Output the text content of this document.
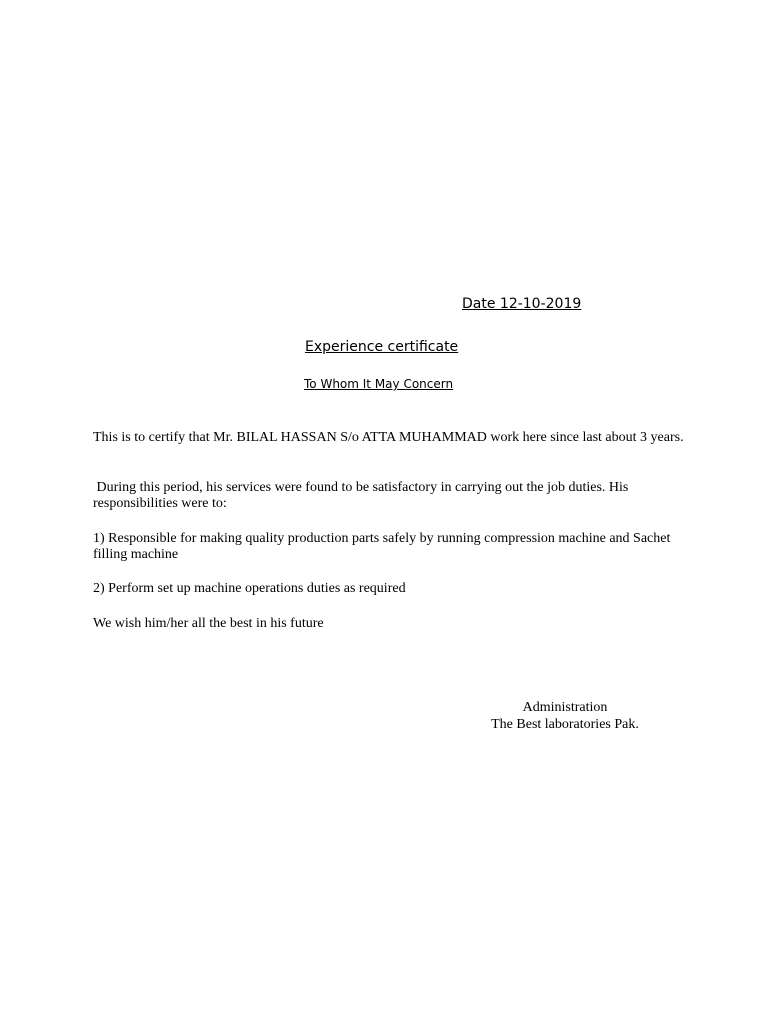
Date 12-10-2019
Experience certificate
To Whom It May Concern

This is to certify that Mr. BILAL HASSAN S/o ATTA MUHAMMAD work here since last about 3 years.

During this period, his services were found to be satisfactory in carrying out the job duties. His responsibilities were to:

1) Responsible for making quality production parts safely by running compression machine and Sachet filling machine

2) Perform set up machine operations duties as required

We wish him/her all the best in his future

Administration
The Best laboratories Pak.
